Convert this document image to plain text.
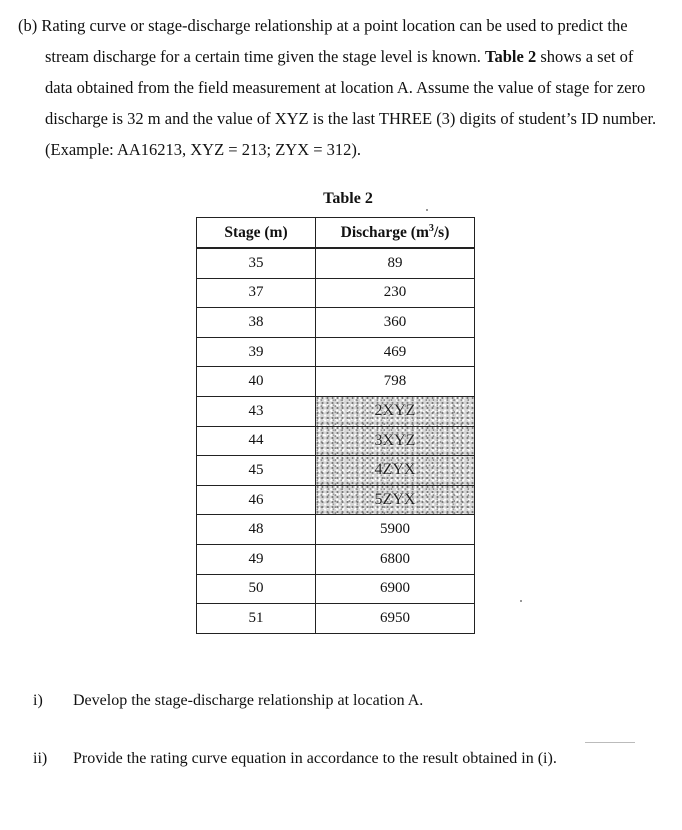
(b) Rating curve or stage-discharge relationship at a point location can be used to predict the
stream discharge for a certain time given the stage level is known. Table 2 shows a set of
data obtained from the field measurement at location A. Assume the value of stage for zero
discharge is 32 m and the value of XYZ is the last THREE (3) digits of student’s ID number.
(Example: AA16213, XYZ = 213; ZYX = 312).
Table 2
Stage (m)	Discharge $(m^3/s)$
35	89
37	230
38	360
39	469
40	798
43	2XYZ
44	3XYZ
45	4ZYX
46	5ZYX
48	5900
49	6800
50	6900
51	6950
i) Develop the stage-discharge relationship at location A.
ii) Provide the rating curve equation in accordance to the result obtained in (i).
